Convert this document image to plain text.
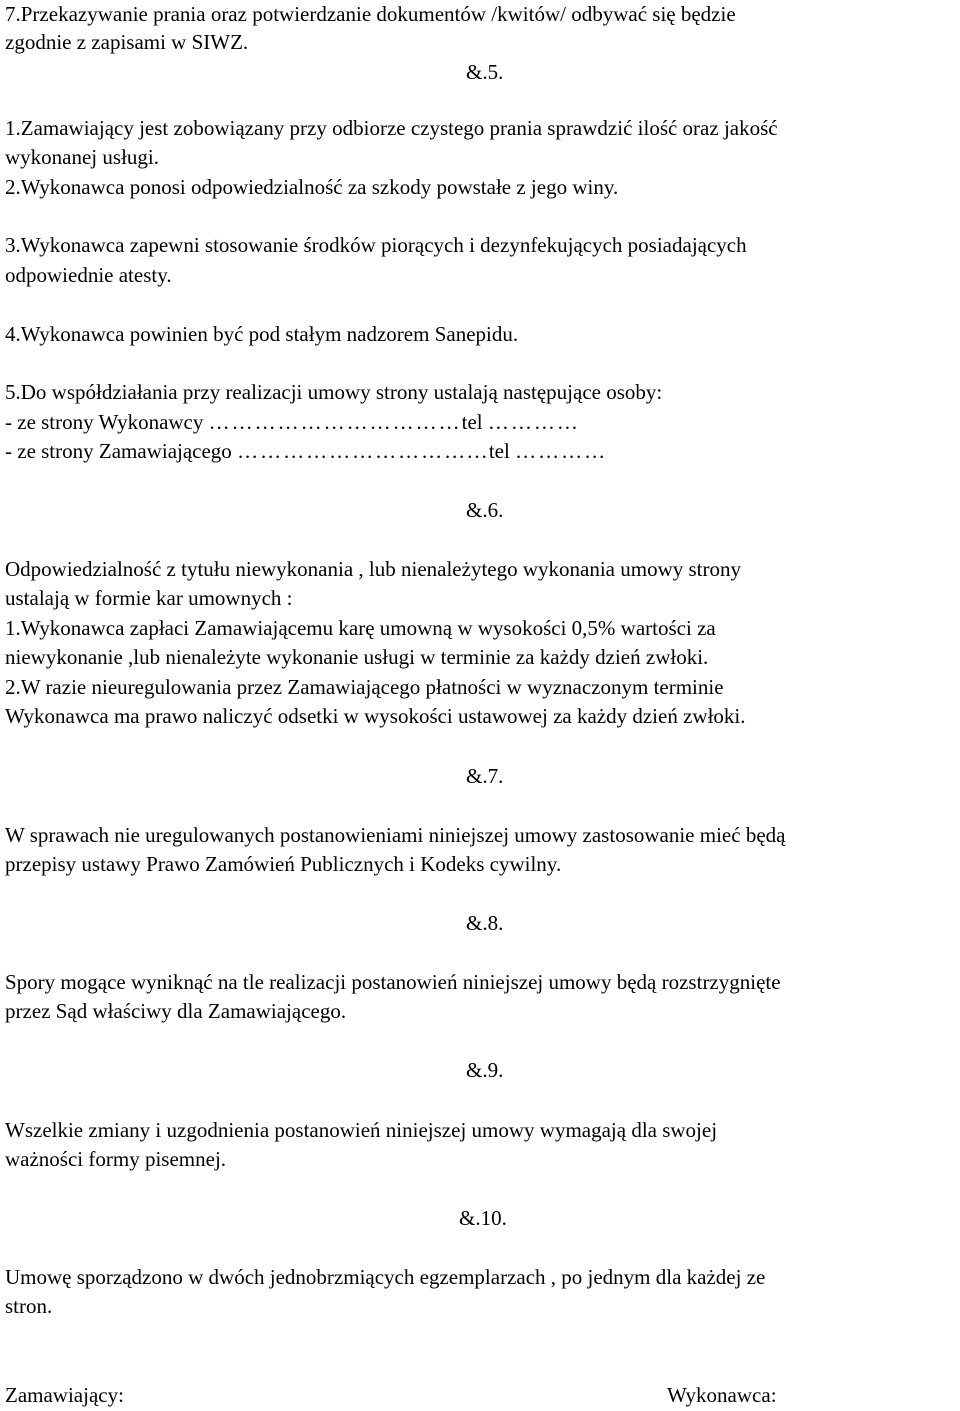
7.Przekazywanie prania oraz potwierdzanie dokumentów /kwitów/ odbywać się będzie
zgodnie z zapisami w SIWZ.
&.5.
1.Zamawiający jest zobowiązany przy odbiorze czystego prania sprawdzić ilość oraz jakość
wykonanej usługi.
2.Wykonawca ponosi odpowiedzialność za szkody powstałe z jego winy.
3.Wykonawca zapewni stosowanie środków piorących i dezynfekujących posiadających
odpowiednie atesty.
4.Wykonawca powinien być pod stałym nadzorem Sanepidu.
5.Do współdziałania przy realizacji umowy strony ustalają następujące osoby:
- ze strony Wykonawcy ……………………………tel …………
- ze strony Zamawiającego …………………………...tel …………
&.6.
Odpowiedzialność z tytułu niewykonania , lub nienależytego wykonania umowy strony
ustalają w formie kar umownych :
1.Wykonawca zapłaci Zamawiającemu karę umowną w wysokości 0,5% wartości za
niewykonanie ,lub nienależyte wykonanie usługi w terminie za każdy dzień zwłoki.
2.W razie nieuregulowania przez Zamawiającego płatności w wyznaczonym terminie
Wykonawca ma prawo naliczyć odsetki w wysokości ustawowej za każdy dzień zwłoki.
&.7.
W sprawach nie uregulowanych postanowieniami niniejszej umowy zastosowanie mieć będą
przepisy ustawy Prawo Zamówień Publicznych i Kodeks cywilny.
&.8.
Spory mogące wyniknąć na tle realizacji postanowień niniejszej umowy będą rozstrzygnięte
przez Sąd właściwy dla Zamawiającego.
&.9.
Wszelkie zmiany i uzgodnienia postanowień niniejszej umowy wymagają dla swojej
ważności formy pisemnej.
&.10.
Umowę sporządzono w dwóch jednobrzmiących egzemplarzach , po jednym dla każdej ze
stron.
Zamawiający:	Wykonawca:
